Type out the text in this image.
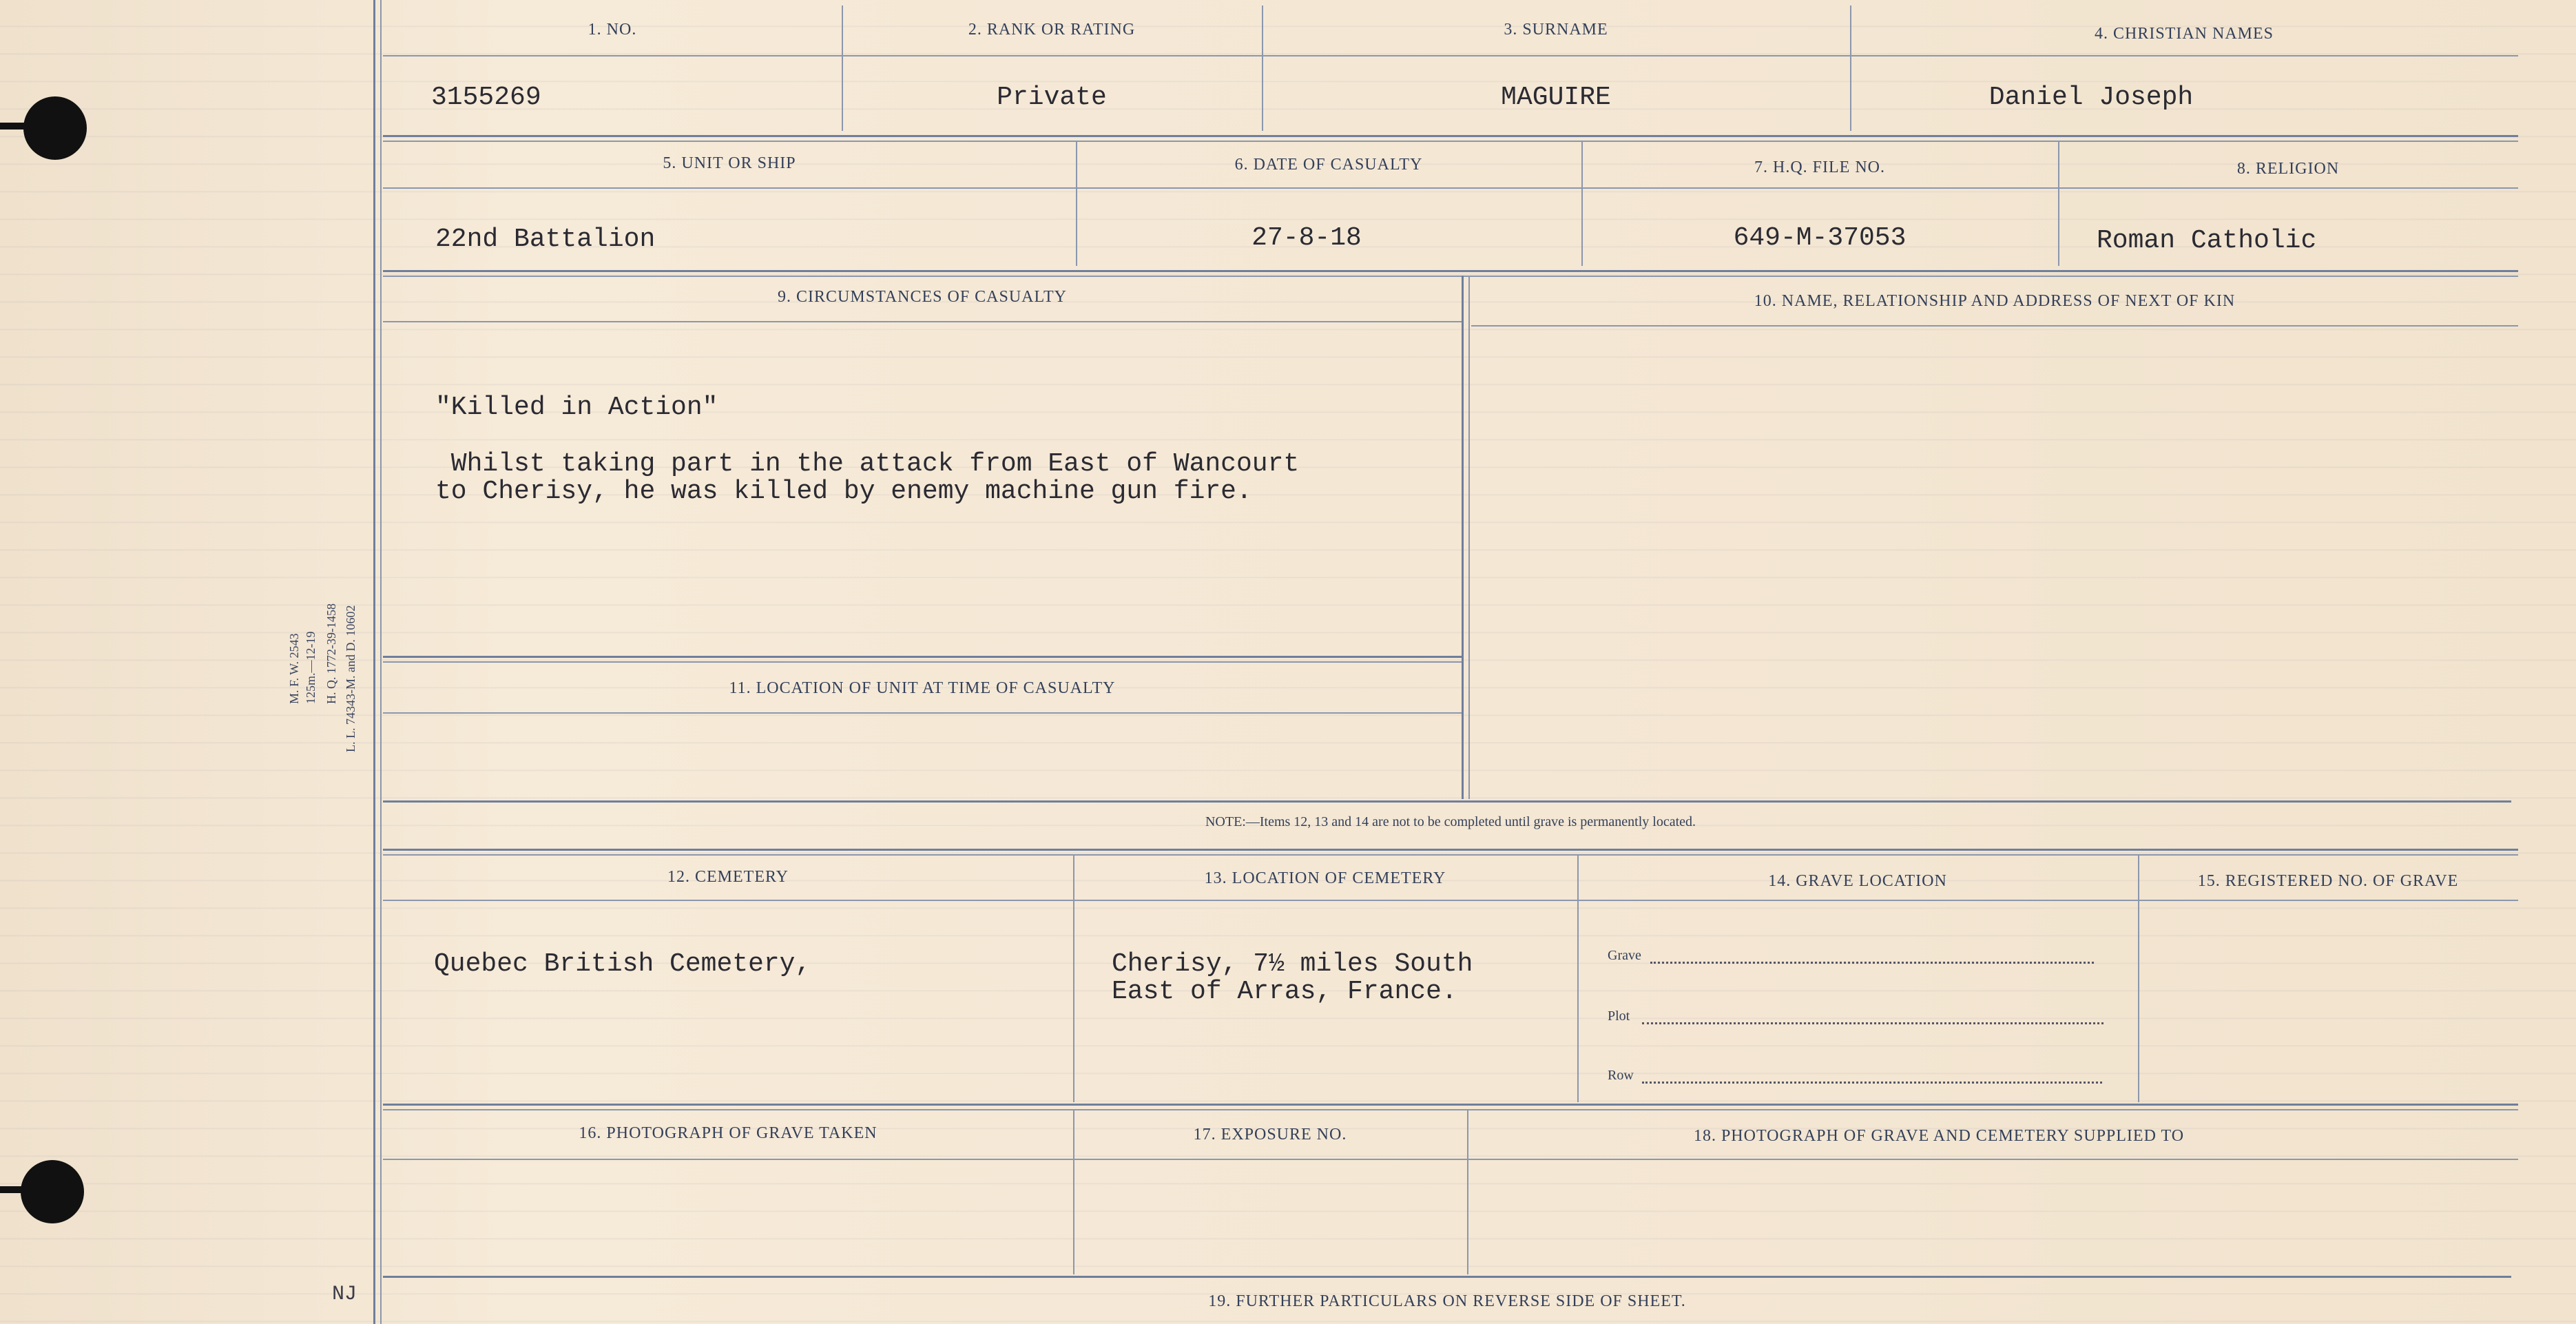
M. F. W. 2543 125m.—12-19 H. Q. 1772-39-1458 L. L. 74343-M. and D. 10602
NJ
1. NO.	2. RANK OR RATING	3. SURNAME	4. CHRISTIAN NAMES
3155269	Private	MAGUIRE	Daniel Joseph
5. UNIT OR SHIP	6. DATE OF CASUALTY	7. H.Q. FILE NO.	8. RELIGION
22nd Battalion	27-8-18	649-M-37053	Roman Catholic
9. CIRCUMSTANCES OF CASUALTY	10. NAME, RELATIONSHIP AND ADDRESS OF NEXT OF KIN
"Killed in Action"
Whilst taking part in the attack from East of Wancourt
to Cherisy, he was killed by enemy machine gun fire.
11. LOCATION OF UNIT AT TIME OF CASUALTY
NOTE:—Items 12, 13 and 14 are not to be completed until grave is permanently located.
12. CEMETERY	13. LOCATION OF CEMETERY	14. GRAVE LOCATION	15. REGISTERED NO. OF GRAVE
Quebec British Cemetery,	Cherisy, 7½ miles South
East of Arras, France.
Grave
Plot
Row
16. PHOTOGRAPH OF GRAVE TAKEN	17. EXPOSURE NO.	18. PHOTOGRAPH OF GRAVE AND CEMETERY SUPPLIED TO
19. FURTHER PARTICULARS ON REVERSE SIDE OF SHEET.
